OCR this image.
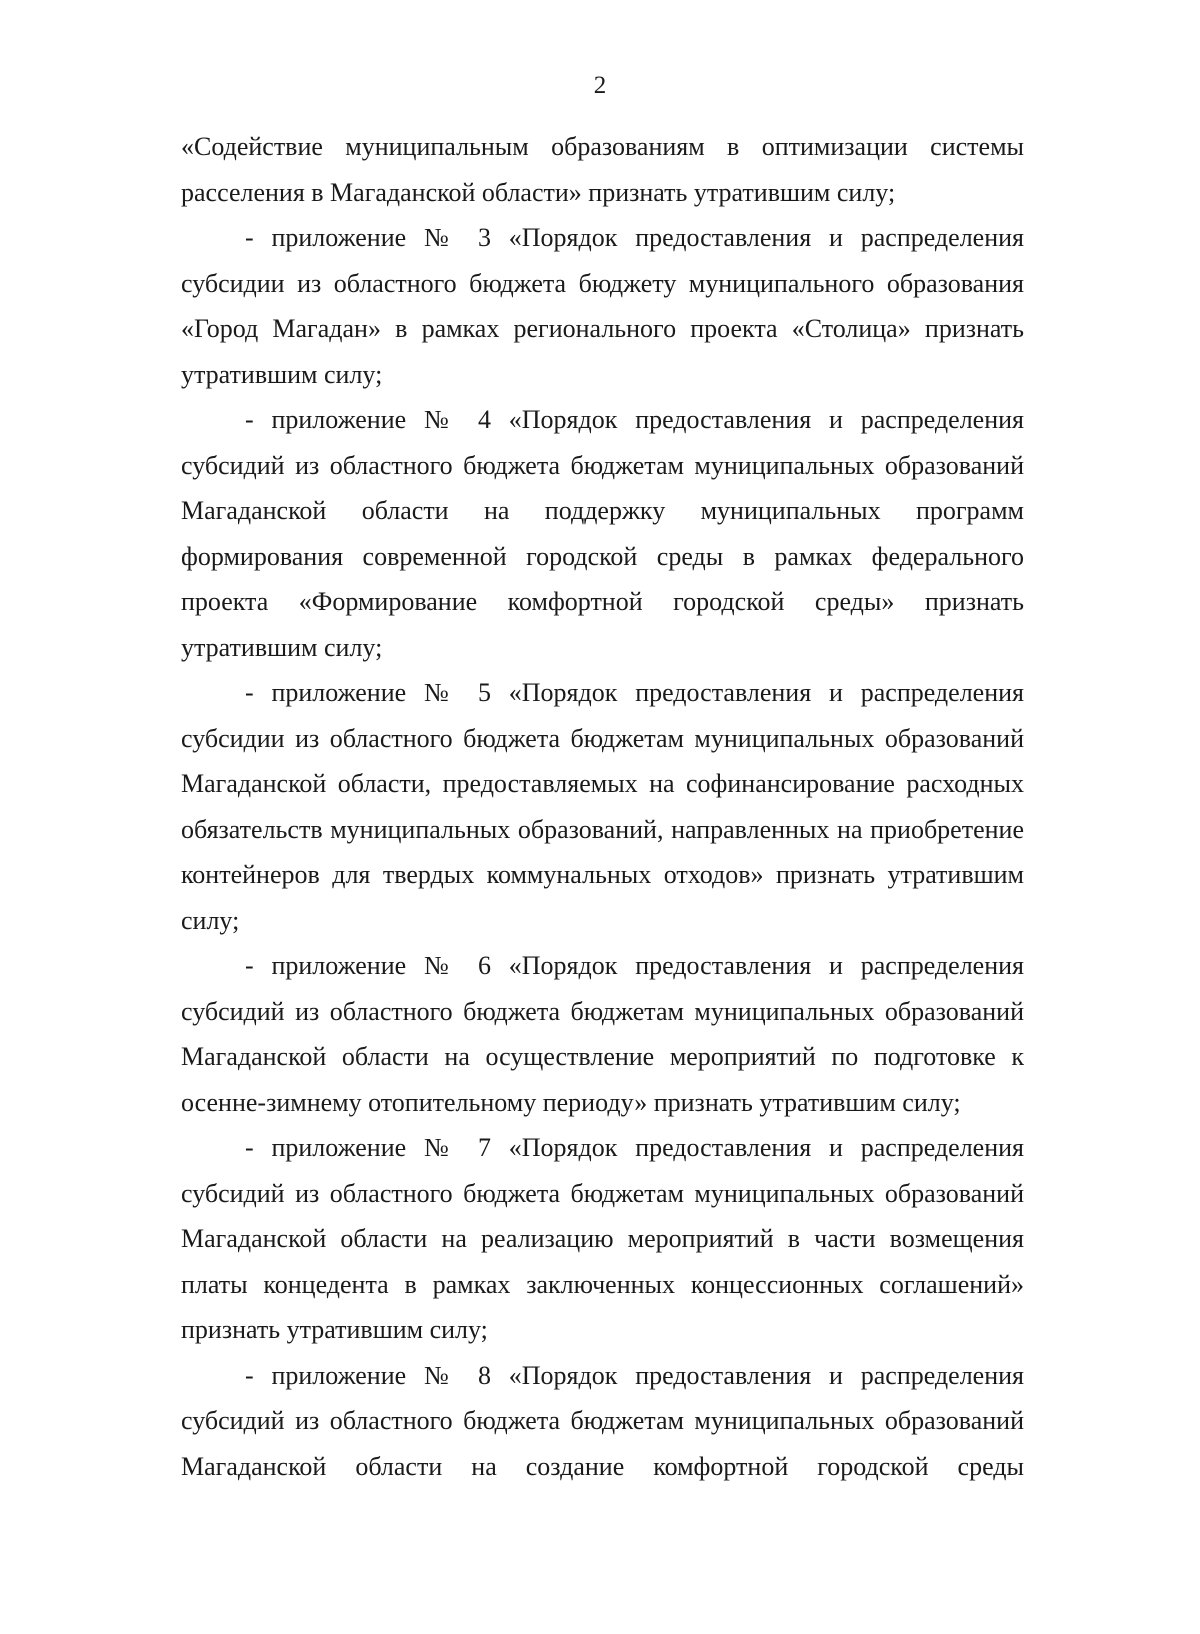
2

«Содействие муниципальным образованиям в оптимизации системы расселения в Магаданской области» признать утратившим силу;

- приложение № 3 «Порядок предоставления и распределения субсидии из областного бюджета бюджету муниципального образования «Город Магадан» в рамках регионального проекта «Столица» признать утратившим силу;

- приложение № 4 «Порядок предоставления и распределения субсидий из областного бюджета бюджетам муниципальных образований Магаданской области на поддержку муниципальных программ формирования современной городской среды в рамках федерального проекта «Формирование комфортной городской среды» признать утратившим силу;

- приложение № 5 «Порядок предоставления и распределения субсидии из областного бюджета бюджетам муниципальных образований Магаданской области, предоставляемых на софинансирование расходных обязательств муниципальных образований, направленных на приобретение контейнеров для твердых коммунальных отходов» признать утратившим силу;

- приложение № 6 «Порядок предоставления и распределения субсидий из областного бюджета бюджетам муниципальных образований Магаданской области на осуществление мероприятий по подготовке к осенне-зимнему отопительному периоду» признать утратившим силу;

- приложение № 7 «Порядок предоставления и распределения субсидий из областного бюджета бюджетам муниципальных образований Магаданской области на реализацию мероприятий в части возмещения платы концедента в рамках заключенных концессионных соглашений» признать утратившим силу;

- приложение № 8 «Порядок предоставления и распределения субсидий из областного бюджета бюджетам муниципальных образований Магаданской области на создание комфортной городской среды
